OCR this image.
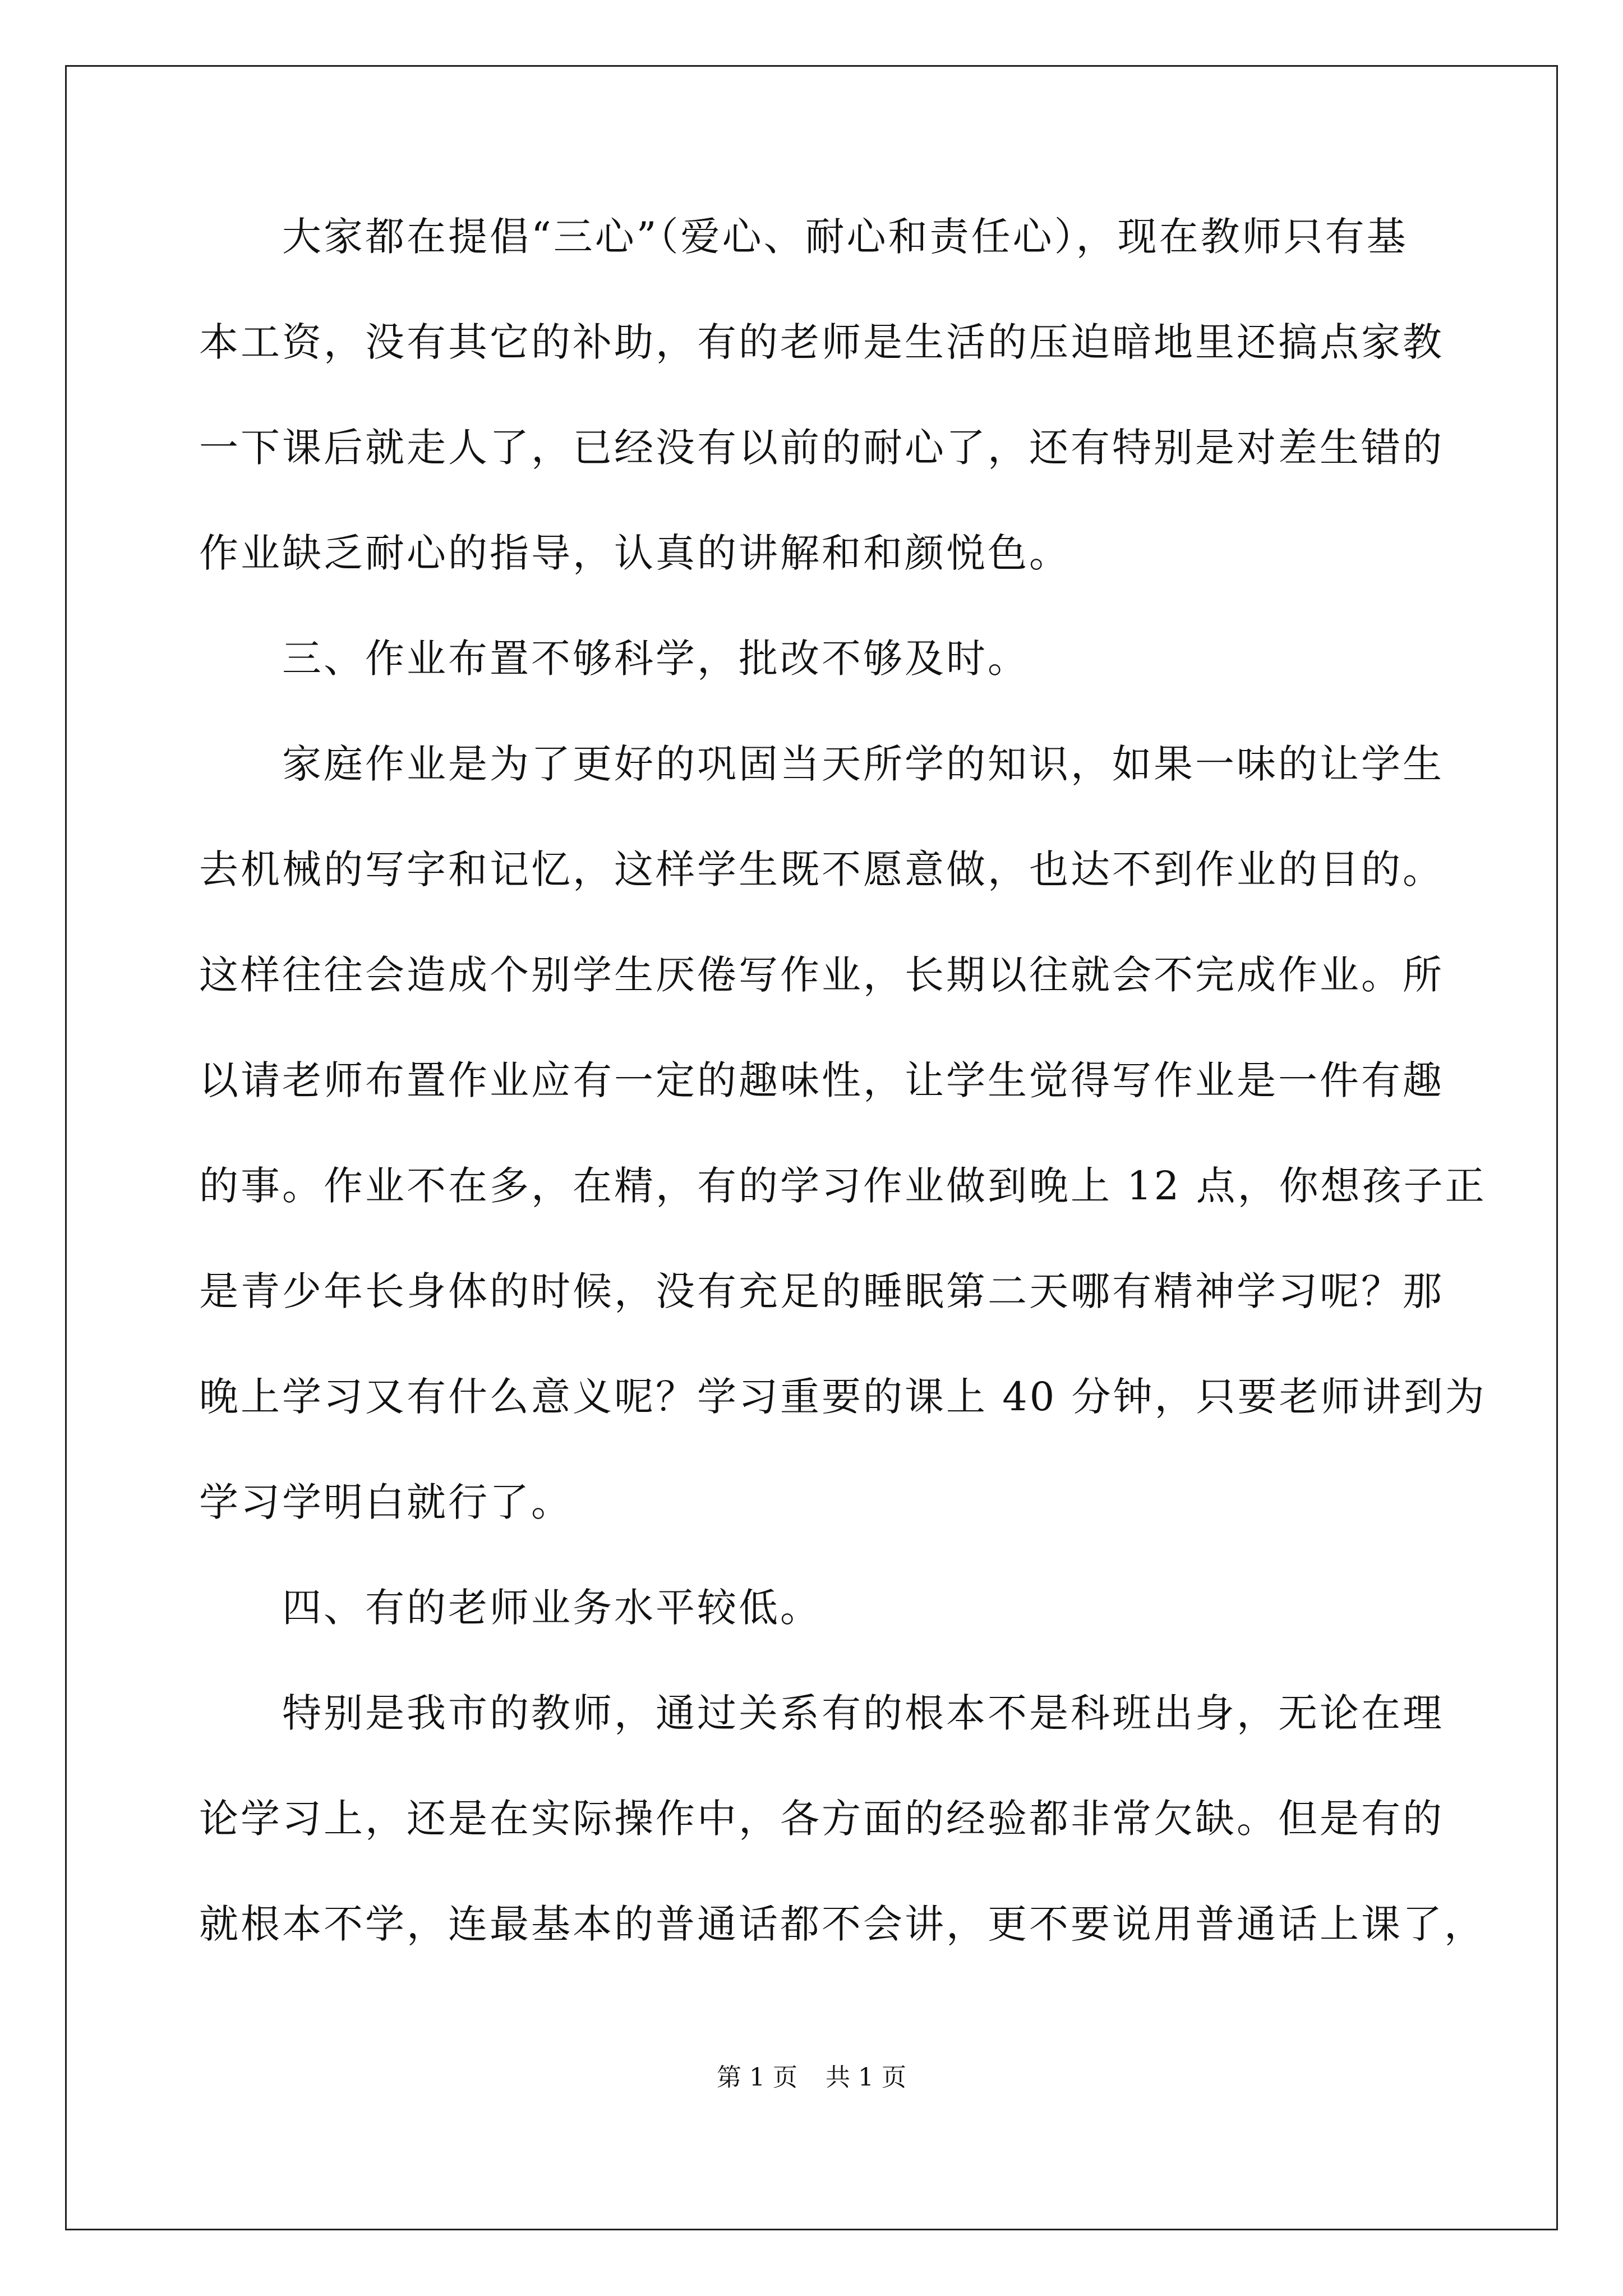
　　大家都在提倡“三心”（爱心、耐心和责任心），现在教师只有基
本工资，没有其它的补助，有的老师是生活的压迫暗地里还搞点家教
一下课后就走人了，已经没有以前的耐心了，还有特别是对差生错的
作业缺乏耐心的指导，认真的讲解和和颜悦色。
　　三、作业布置不够科学，批改不够及时。
　　家庭作业是为了更好的巩固当天所学的知识，如果一味的让学生
去机械的写字和记忆，这样学生既不愿意做，也达不到作业的目的。
这样往往会造成个别学生厌倦写作业，长期以往就会不完成作业。所
以请老师布置作业应有一定的趣味性，让学生觉得写作业是一件有趣
的事。作业不在多，在精，有的学习作业做到晚上 12 点，你想孩子正
是青少年长身体的时候，没有充足的睡眠第二天哪有精神学习呢？那
晚上学习又有什么意义呢？学习重要的课上 40 分钟，只要老师讲到为
学习学明白就行了。
　　四、有的老师业务水平较低。
　　特别是我市的教师，通过关系有的根本不是科班出身，无论在理
论学习上，还是在实际操作中，各方面的经验都非常欠缺。但是有的
就根本不学，连最基本的普通话都不会讲，更不要说用普通话上课了，
第 1 页 共 1 页
